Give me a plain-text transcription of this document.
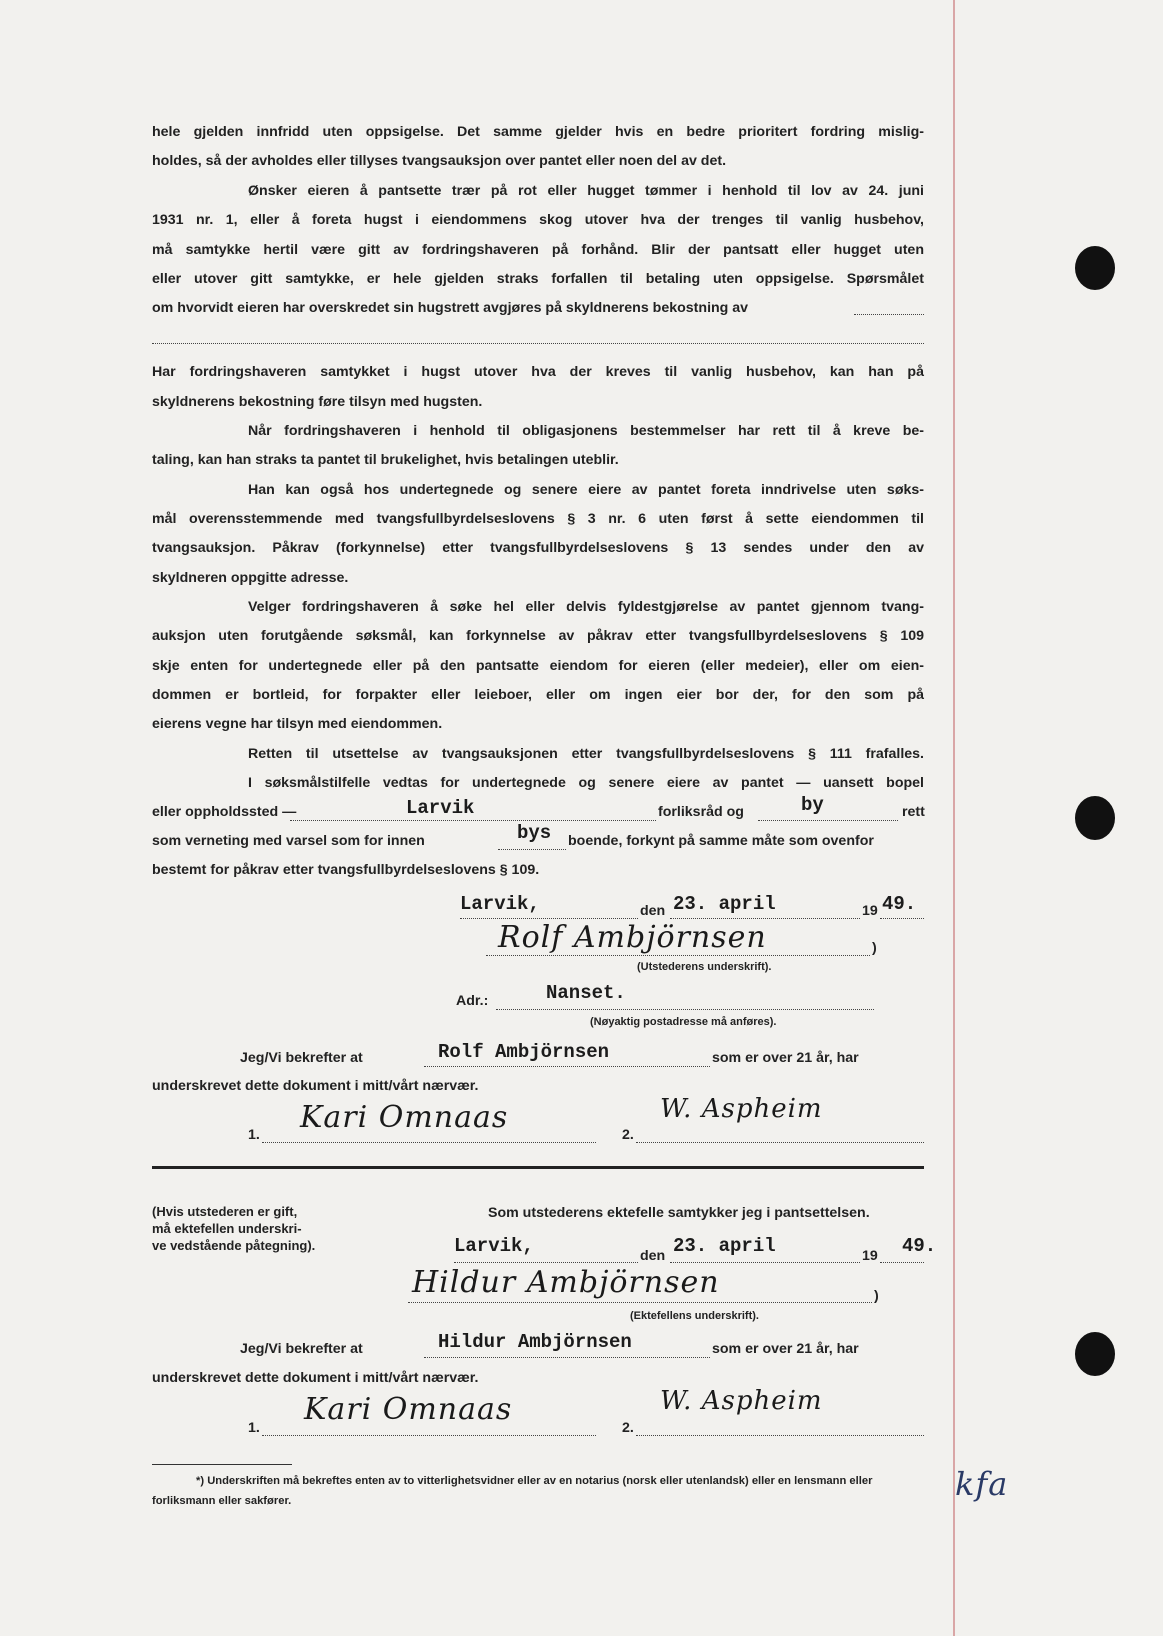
hele gjelden innfridd uten oppsigelse. Det samme gjelder hvis en bedre prioritert fordring mislig-
holdes, så der avholdes eller tillyses tvangsauksjon over pantet eller noen del av det.
Ønsker eieren å pantsette trær på rot eller hugget tømmer i henhold til lov av 24. juni
1931 nr. 1, eller å foreta hugst i eiendommens skog utover hva der trenges til vanlig husbehov,
må samtykke hertil være gitt av fordringshaveren på forhånd. Blir der pantsatt eller hugget uten
eller utover gitt samtykke, er hele gjelden straks forfallen til betaling uten oppsigelse. Spørsmålet
om hvorvidt eieren har overskredet sin hugstrett avgjøres på skyldnerens bekostning av
Har fordringshaveren samtykket i hugst utover hva der kreves til vanlig husbehov, kan han på
skyldnerens bekostning føre tilsyn med hugsten.
Når fordringshaveren i henhold til obligasjonens bestemmelser har rett til å kreve be-
taling, kan han straks ta pantet til brukelighet, hvis betalingen uteblir.
Han kan også hos undertegnede og senere eiere av pantet foreta inndrivelse uten søks-
mål overensstemmende med tvangsfullbyrdelseslovens § 3 nr. 6 uten først å sette eiendommen til
tvangsauksjon. Påkrav (forkynnelse) etter tvangsfullbyrdelseslovens § 13 sendes under den av
skyldneren oppgitte adresse.
Velger fordringshaveren å søke hel eller delvis fyldestgjørelse av pantet gjennom tvang-
auksjon uten forutgående søksmål, kan forkynnelse av påkrav etter tvangsfullbyrdelseslovens § 109
skje enten for undertegnede eller på den pantsatte eiendom for eieren (eller medeier), eller om eien-
dommen er bortleid, for forpakter eller leieboer, eller om ingen eier bor der, for den som på
eierens vegne har tilsyn med eiendommen.
Retten til utsettelse av tvangsauksjonen etter tvangsfullbyrdelseslovens § 111 frafalles.
I søksmålstilfelle vedtas for undertegnede og senere eiere av pantet — uansett bopel
eller oppholdssted —	Larvik	forliksråd og	by	rett
som verneting med varsel som for innen	bys boende, forkynt på samme måte som ovenfor
bestemt for påkrav etter tvangsfullbyrdelseslovens § 109.
Larvik,	den 23. april	19 49.
Rolf Ambjörnsen	)
(Utstederens underskrift).
Adr.:	Nanset.
(Nøyaktig postadresse må anføres).
Jeg/Vi bekrefter at	Rolf Ambjörnsen	som er over 21 år, har
underskrevet dette dokument i mitt/vårt nærvær.
1. Kari Omnaas	2.
W. Aspheim
(Hvis utstederen er gift,
må ektefellen underskri-
ve vedstående påtegning).
Som utstederens ektefelle samtykker jeg i pantsettelsen.
Larvik,	den 23. april	19 49.
Hildur Ambjörnsen	)
(Ektefellens underskrift).
Jeg/Vi bekrefter at	Hildur Ambjörnsen	som er over 21 år, har
underskrevet dette dokument i mitt/vårt nærvær.
1.
Kari Omnaas
2.
W. Aspheim
*) Underskriften må bekreftes enten av to vitterlighetsvidner eller av en notarius (norsk eller utenlandsk) eller en lensmann eller forliksmann eller sakfører.	kfa
